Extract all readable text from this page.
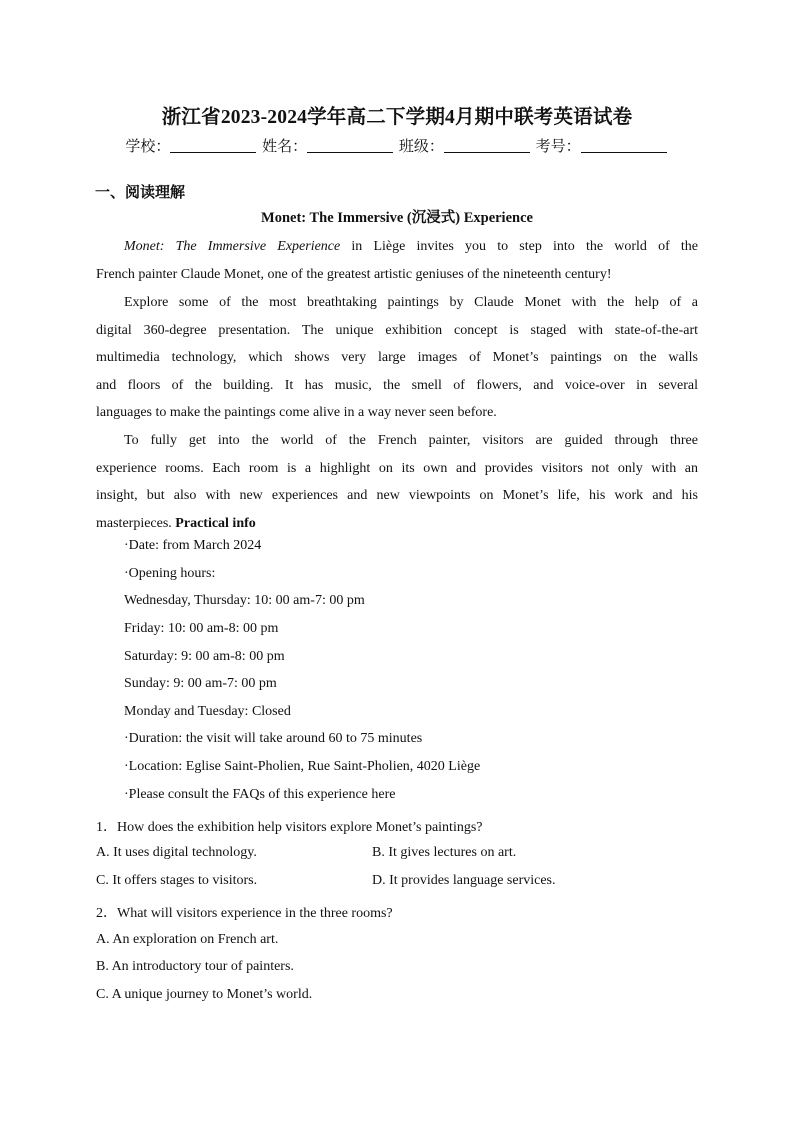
浙江省2023-2024学年高二下学期4月期中联考英语试卷
学校：	姓名：	班级：	考号：
一、阅读理解
Monet: The Immersive (沉浸式) Experience
Monet: The Immersive Experience in Liège invites you to step into the world of the
French painter Claude Monet, one of the greatest artistic geniuses of the nineteenth century!
Explore some of the most breathtaking paintings by Claude Monet with the help of a
digital 360-degree presentation. The unique exhibition concept is staged with state-of-the-art
multimedia technology, which shows very large images of Monet’s paintings on the walls
and floors of the building. It has music, the smell of flowers, and voice-over in several
languages to make the paintings come alive in a way never seen before.
To fully get into the world of the French painter, visitors are guided through three
experience rooms. Each room is a highlight on its own and provides visitors not only with an
insight, but also with new experiences and new viewpoints on Monet’s life, his work and his
masterpieces. Practical info
·Date: from March 2024
·Opening hours:
Wednesday, Thursday: 10: 00 am-7: 00 pm
Friday: 10: 00 am-8: 00 pm
Saturday: 9: 00 am-8: 00 pm
Sunday: 9: 00 am-7: 00 pm
Monday and Tuesday: Closed
·Duration: the visit will take around 60 to 75 minutes
·Location: Eglise Saint-Pholien, Rue Saint-Pholien, 4020 Liège
·Please consult the FAQs of this experience here
1．How does the exhibition help visitors explore Monet’s paintings?
A. It uses digital technology.	B. It gives lectures on art.
C. It offers stages to visitors.	D. It provides language services.
2．What will visitors experience in the three rooms?
A. An exploration on French art.
B. An introductory tour of painters.
C. A unique journey to Monet’s world.
